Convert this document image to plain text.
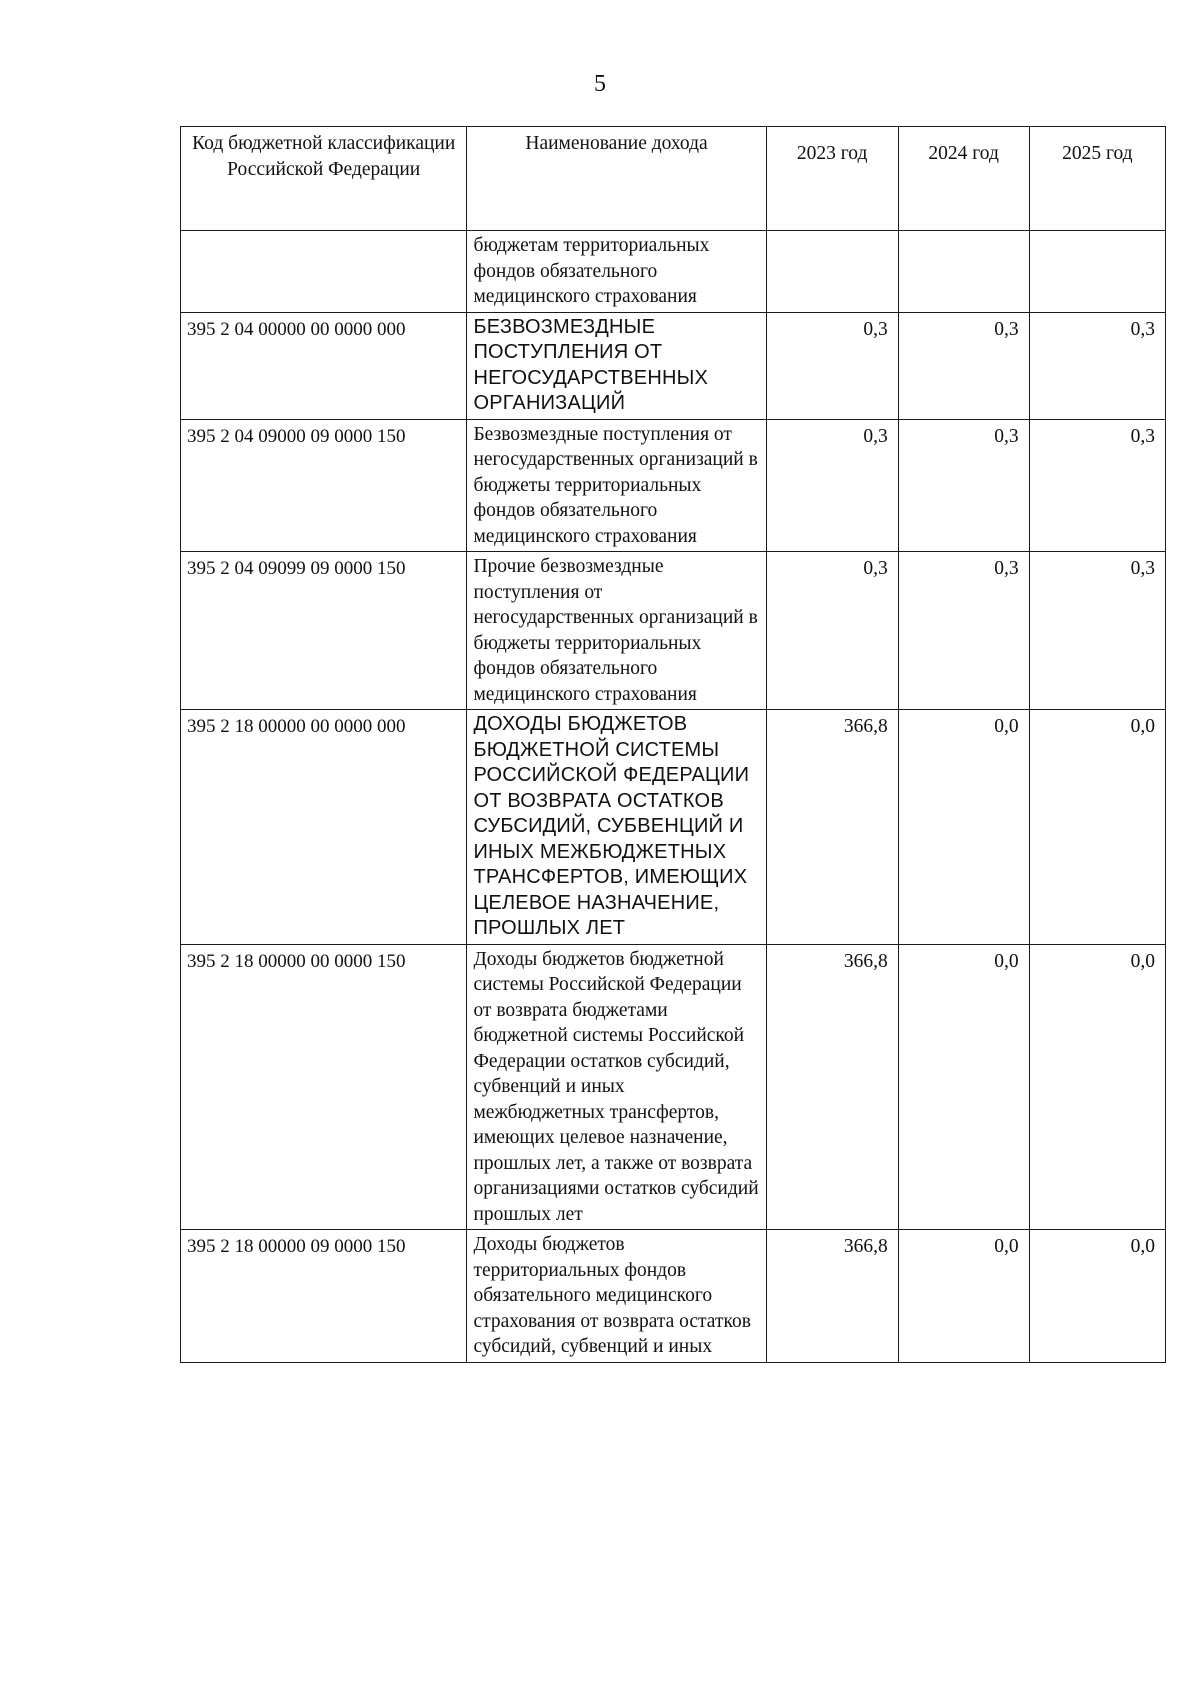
5
Код бюджетной классификации Российской Федерации	Наименование дохода	2023 год	2024 год	2025 год
	бюджетам территориальных фондов обязательного медицинского страхования			
395 2 04 00000 00 0000 000	БЕЗВОЗМЕЗДНЫЕ ПОСТУПЛЕНИЯ ОТ НЕГОСУДАРСТВЕННЫХ ОРГАНИЗАЦИЙ	0,3	0,3	0,3
395 2 04 09000 09 0000 150	Безвозмездные поступления от негосударственных организаций в бюджеты территориальных фондов обязательного медицинского страхования	0,3	0,3	0,3
395 2 04 09099 09 0000 150	Прочие безвозмездные поступления от негосударственных организаций в бюджеты территориальных фондов обязательного медицинского страхования	0,3	0,3	0,3
395 2 18 00000 00 0000 000	ДОХОДЫ БЮДЖЕТОВ БЮДЖЕТНОЙ СИСТЕМЫ РОССИЙСКОЙ ФЕДЕРАЦИИ ОТ ВОЗВРАТА ОСТАТКОВ СУБСИДИЙ, СУБВЕНЦИЙ И ИНЫХ МЕЖБЮДЖЕТНЫХ ТРАНСФЕРТОВ, ИМЕЮЩИХ ЦЕЛЕВОЕ НАЗНАЧЕНИЕ, ПРОШЛЫХ ЛЕТ	366,8	0,0	0,0
395 2 18 00000 00 0000 150	Доходы бюджетов бюджетной системы Российской Федерации от возврата бюджетами бюджетной системы Российской Федерации остатков субсидий, субвенций и иных межбюджетных трансфертов, имеющих целевое назначение, прошлых лет, а также от возврата организациями остатков субсидий прошлых лет	366,8	0,0	0,0
395 2 18 00000 09 0000 150	Доходы бюджетов территориальных фондов обязательного медицинского страхования от возврата остатков субсидий, субвенций и иных	366,8	0,0	0,0
